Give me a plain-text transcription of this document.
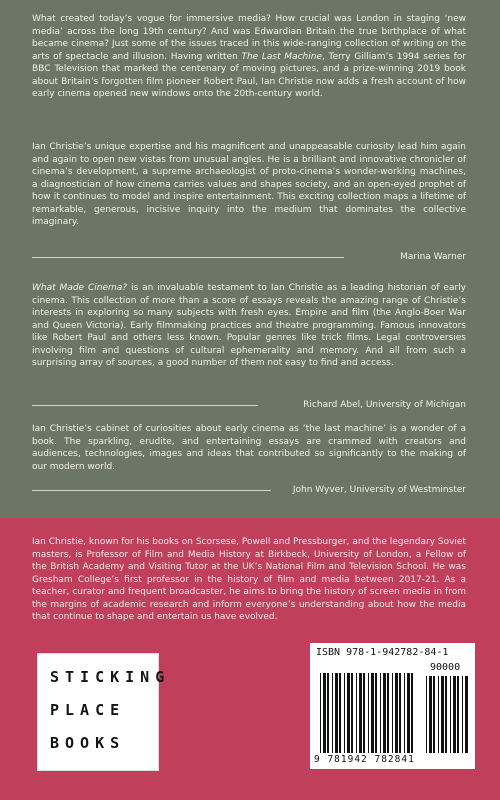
What created today’s vogue for immersive media? How crucial was London in staging ‘new media’ across the long 19th century? And was Edwardian Britain the true birthplace of what became cinema? Just some of the issues traced in this wide-ranging collection of writing on the arts of spectacle and illusion. Having written The Last Machine, Terry Gilliam’s 1994 series for BBC Television that marked the centenary of moving pictures, and a prize-winning 2019 book about Britain’s forgotten film pioneer Robert Paul, Ian Christie now adds a fresh account of how early cinema opened new windows onto the 20th-century world.

Ian Christie’s unique expertise and his magnificent and unappeasable curiosity lead him again and again to open new vistas from unusual angles. He is a brilliant and innovative chronicler of cinema’s development, a supreme archaeologist of proto-cinema’s wonder-working machines, a diagnostician of how cinema carries values and shapes society, and an open-eyed prophet of how it continues to model and inspire entertainment. This exciting collection maps a lifetime of remarkable, generous, incisive inquiry into the medium that dominates the collective imaginary.

Marina Warner

What Made Cinema? is an invaluable testament to Ian Christie as a leading historian of early cinema. This collection of more than a score of essays reveals the amazing range of Christie’s interests in exploring so many subjects with fresh eyes. Empire and film (the Anglo-Boer War and Queen Victoria). Early filmmaking practices and theatre programming. Famous innovators like Robert Paul and others less known. Popular genres like trick films. Legal controversies involving film and questions of cultural ephemerality and memory. And all from such a surprising array of sources, a good number of them not easy to find and access.

Richard Abel, University of Michigan

Ian Christie’s cabinet of curiosities about early cinema as ‘the last machine’ is a wonder of a book. The sparkling, erudite, and entertaining essays are crammed with creators and audiences, technologies, images and ideas that contributed so significantly to the making of our modern world.

John Wyver, University of Westminster

Ian Christie, known for his books on Scorsese, Powell and Pressburger, and the legendary Soviet masters, is Professor of Film and Media History at Birkbeck, University of London, a Fellow of the British Academy and Visiting Tutor at the UK’s National Film and Television School. He was Gresham College’s first professor in the history of film and media between 2017-21. As a teacher, curator and frequent broadcaster, he aims to bring the history of screen media in from the margins of academic research and inform everyone’s understanding about how the media that continue to shape and entertain us have evolved.

STICKING
PLACE
BOOKS
ISBN 978-1-942782-84-1
90000
9 781942 782841
